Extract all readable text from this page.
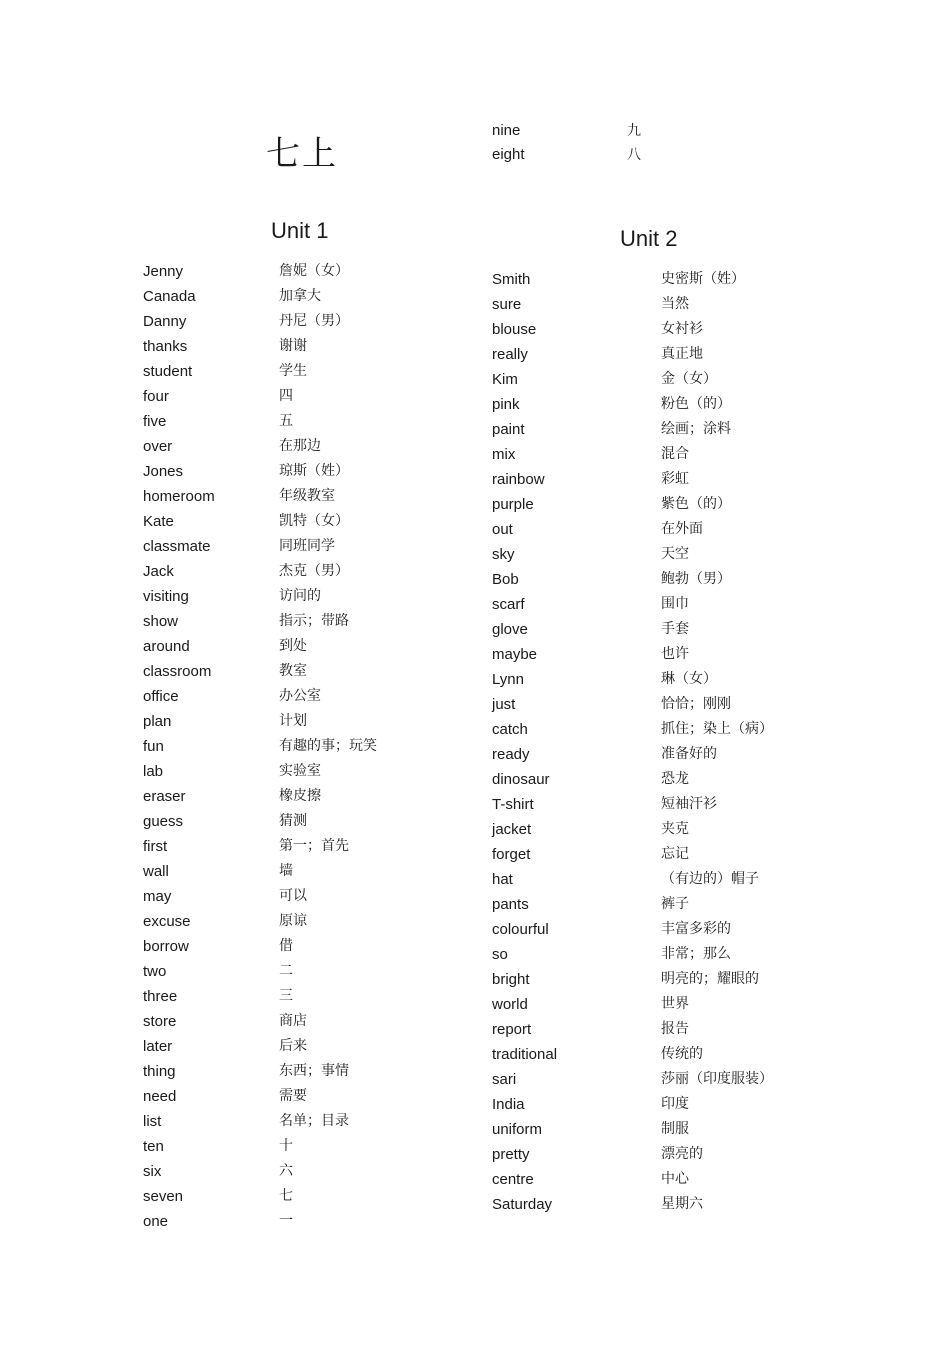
七上
nine	九
eight	八
Unit 1
Jenny	詹妮（女）
Canada	加拿大
Danny	丹尼（男）
thanks	谢谢
student	学生
four	四
five	五
over	在那边
Jones	琼斯（姓）
homeroom	年级教室
Kate	凯特（女）
classmate	同班同学
Jack	杰克（男）
visiting	访问的
show	指示；带路
around	到处
classroom	教室
office	办公室
plan	计划
fun	有趣的事；玩笑
lab	实验室
eraser	橡皮擦
guess	猜测
first	第一；首先
wall	墙
may	可以
excuse	原谅
borrow	借
two	二
three	三
store	商店
later	后来
thing	东西；事情
need	需要
list	名单；目录
ten	十
six	六
seven	七
one	一
Unit 2
Smith	史密斯（姓）
sure	当然
blouse	女衬衫
really	真正地
Kim	金（女）
pink	粉色（的）
paint	绘画；涂料
mix	混合
rainbow	彩虹
purple	紫色（的）
out	在外面
sky	天空
Bob	鲍勃（男）
scarf	围巾
glove	手套
maybe	也许
Lynn	琳（女）
just	恰恰；刚刚
catch	抓住；染上（病）
ready	准备好的
dinosaur	恐龙
T-shirt	短袖汗衫
jacket	夹克
forget	忘记
hat	（有边的）帽子
pants	裤子
colourful	丰富多彩的
so	非常；那么
bright	明亮的；耀眼的
world	世界
report	报告
traditional	传统的
sari	莎丽（印度服装）
India	印度
uniform	制服
pretty	漂亮的
centre	中心
Saturday	星期六
